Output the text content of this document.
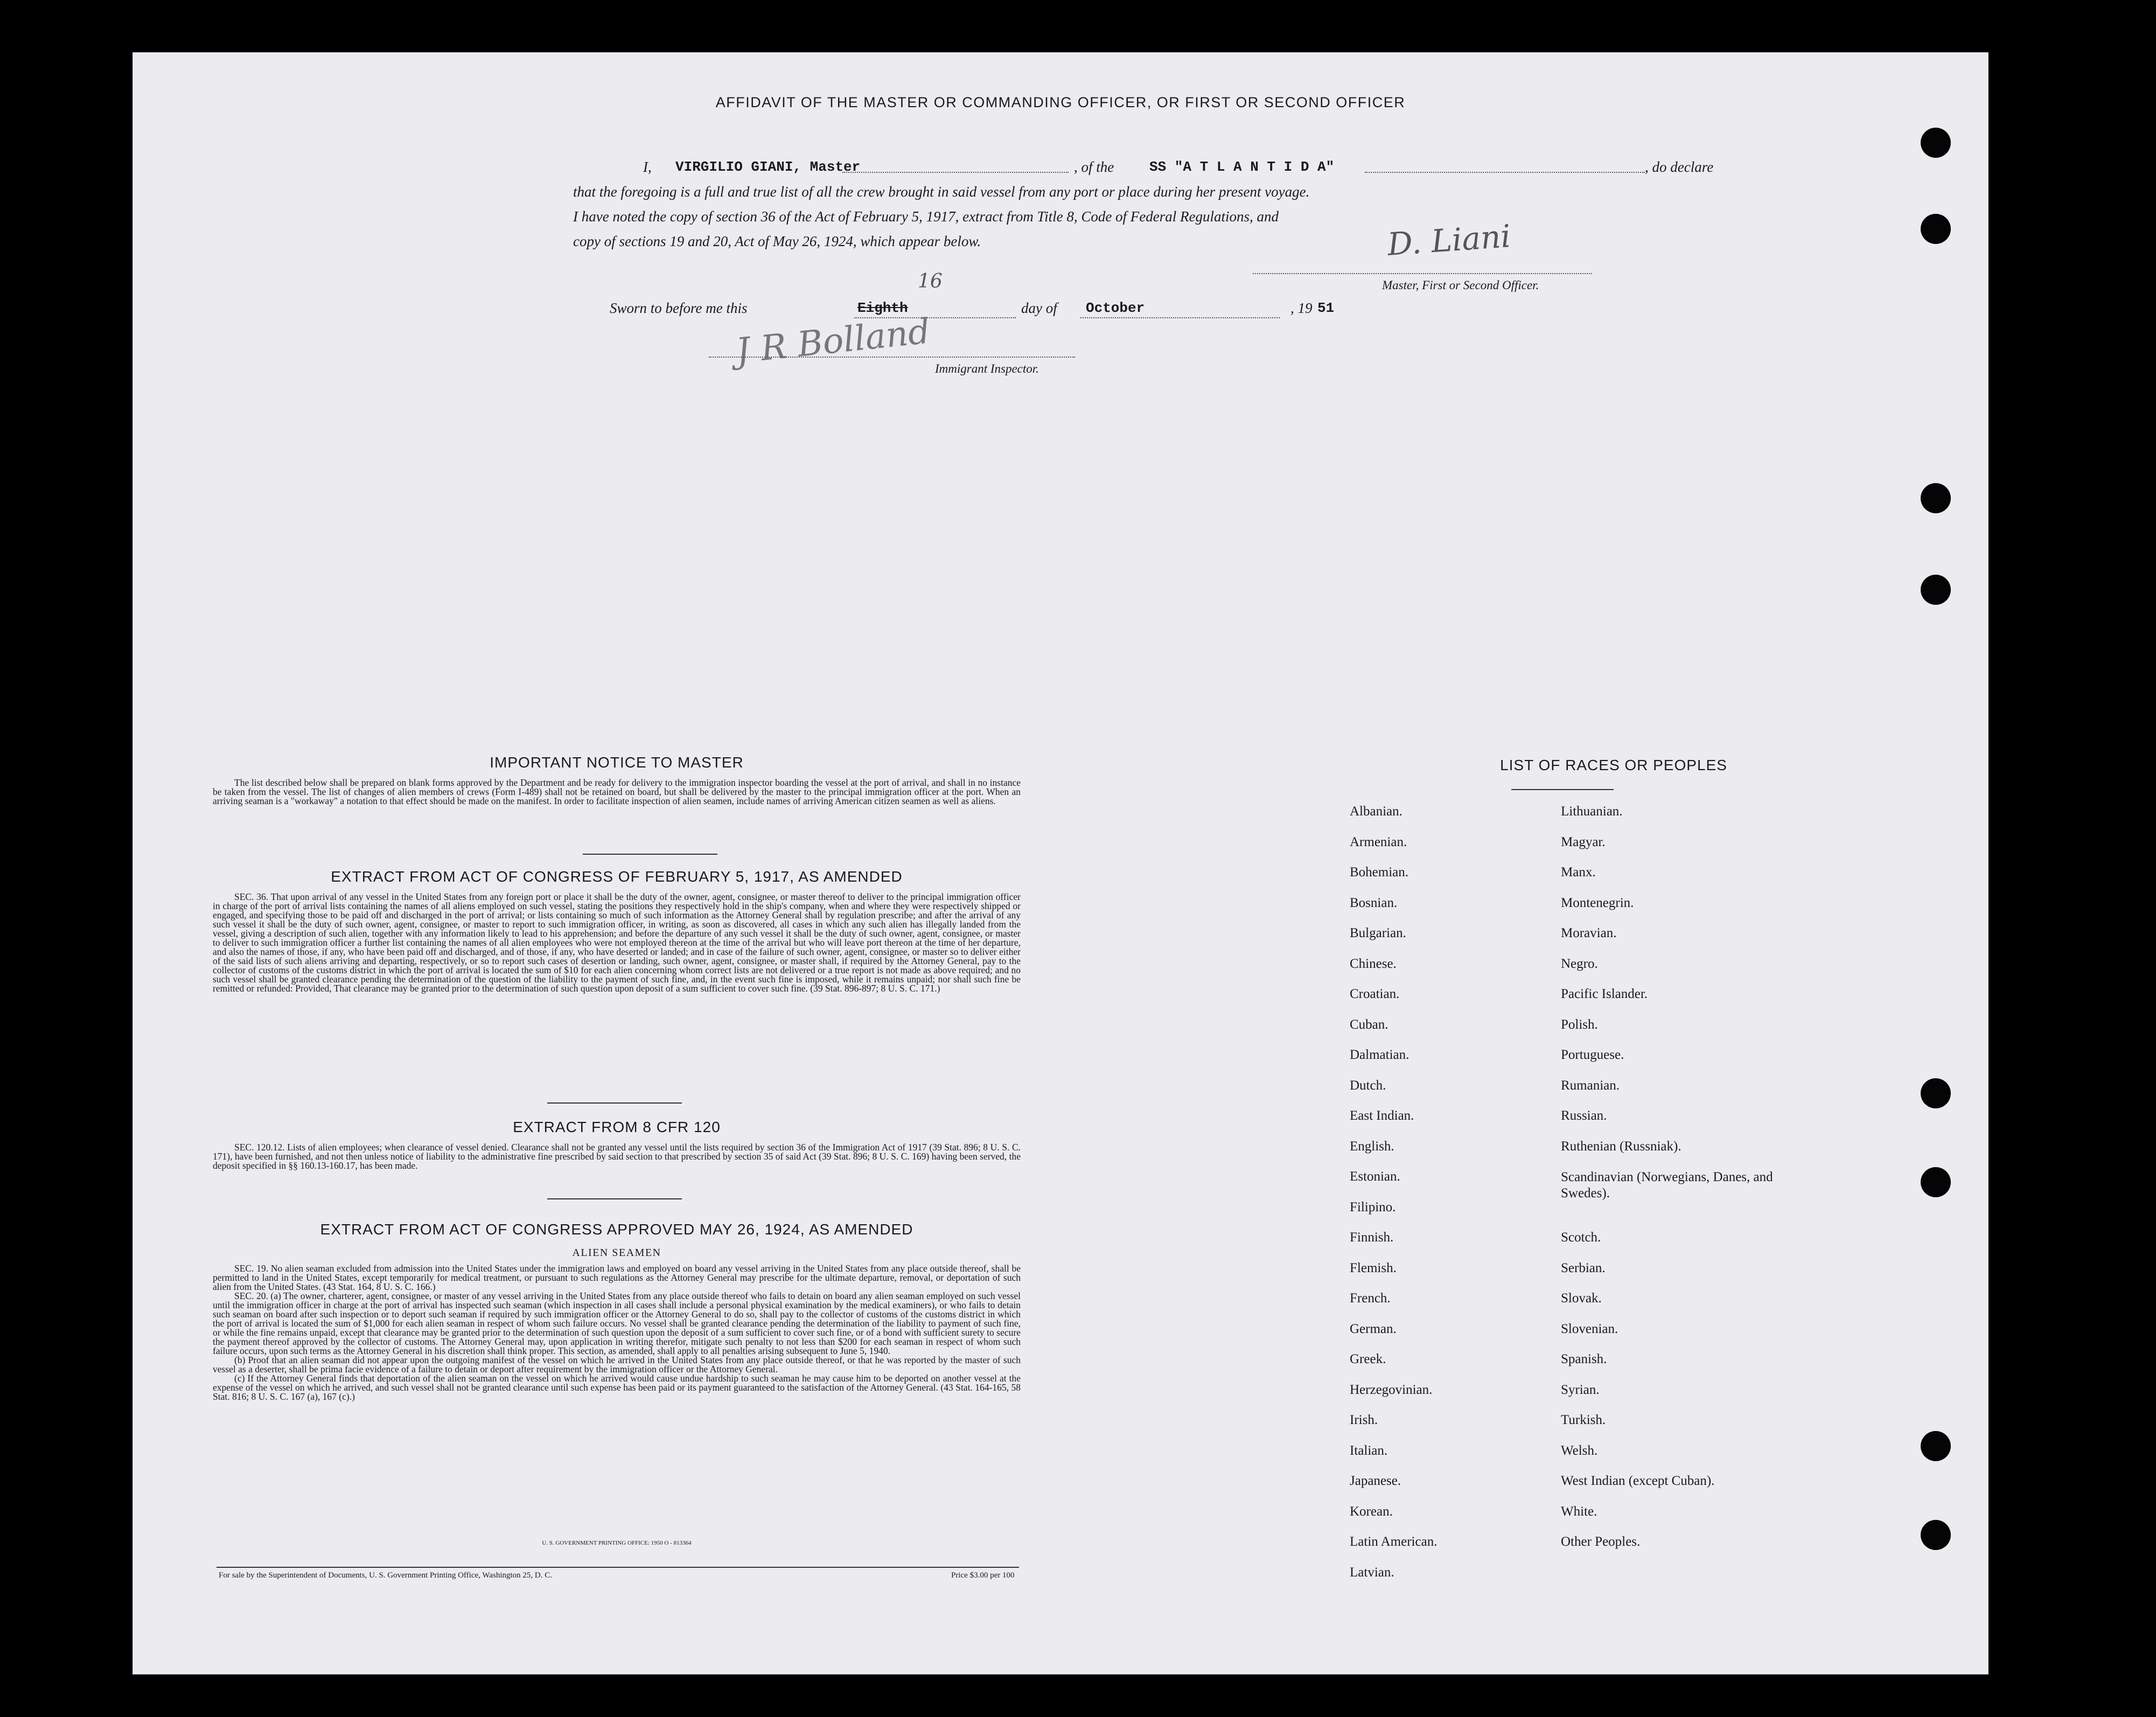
AFFIDAVIT OF THE MASTER OR COMMANDING OFFICER, OR FIRST OR SECOND OFFICER
I, VIRGILIO GIANI, Master	, of the	SS "A T L A N T I D A"	, do declare
that the foregoing is a full and true list of all the crew brought in said vessel from any port or place during her present voyage.
I have noted the copy of section 36 of the Act of February 5, 1917, extract from Title 8, Code of Federal Regulations, and
copy of sections 19 and 20, Act of May 26, 1924, which appear below.	D. Liani
Master, First or Second Officer.
Sworn to before me this	Eighth
16
day of October	, 19 51
J R Bolland Immigrant Inspector.
IMPORTANT NOTICE TO MASTER
The list described below shall be prepared on blank forms approved by the Department and be ready for delivery to the immigration inspector boarding the vessel at the port of arrival, and shall in no instance be taken from the vessel. The list of changes of alien members of crews (Form I-489) shall not be retained on board, but shall be delivered by the master to the principal immigration officer at the port. When an arriving seaman is a "workaway" a notation to that effect should be made on the manifest. In order to facilitate inspection of alien seamen, include names of arriving American citizen seamen as well as aliens.
EXTRACT FROM ACT OF CONGRESS OF FEBRUARY 5, 1917, AS AMENDED
SEC. 36. That upon arrival of any vessel in the United States from any foreign port or place it shall be the duty of the owner, agent, consignee, or master thereof to deliver to the principal immigration officer in charge of the port of arrival lists containing the names of all aliens employed on such vessel, stating the positions they respectively hold in the ship's company, when and where they were respectively shipped or engaged, and specifying those to be paid off and discharged in the port of arrival; or lists containing so much of such information as the Attorney General shall by regulation prescribe; and after the arrival of any such vessel it shall be the duty of such owner, agent, consignee, or master to report to such immigration officer, in writing, as soon as discovered, all cases in which any such alien has illegally landed from the vessel, giving a description of such alien, together with any information likely to lead to his apprehension; and before the departure of any such vessel it shall be the duty of such owner, agent, consignee, or master to deliver to such immigration officer a further list containing the names of all alien employees who were not employed thereon at the time of the arrival but who will leave port thereon at the time of her departure, and also the names of those, if any, who have been paid off and discharged, and of those, if any, who have deserted or landed; and in case of the failure of such owner, agent, consignee, or master so to deliver either of the said lists of such aliens arriving and departing, respectively, or so to report such cases of desertion or landing, such owner, agent, consignee, or master shall, if required by the Attorney General, pay to the collector of customs of the customs district in which the port of arrival is located the sum of $10 for each alien concerning whom correct lists are not delivered or a true report is not made as above required; and no such vessel shall be granted clearance pending the determination of the question of the liability to the payment of such fine, and, in the event such fine is imposed, while it remains unpaid; nor shall such fine be remitted or refunded: Provided, That clearance may be granted prior to the determination of such question upon deposit of a sum sufficient to cover such fine. (39 Stat. 896-897; 8 U. S. C. 171.)
EXTRACT FROM 8 CFR 120
SEC. 120.12. Lists of alien employees; when clearance of vessel denied. Clearance shall not be granted any vessel until the lists required by section 36 of the Immigration Act of 1917 (39 Stat. 896; 8 U. S. C. 171), have been furnished, and not then unless notice of liability to the administrative fine prescribed by said section to that prescribed by section 35 of said Act (39 Stat. 896; 8 U. S. C. 169) having been served, the deposit specified in §§ 160.13-160.17, has been made.
EXTRACT FROM ACT OF CONGRESS APPROVED MAY 26, 1924, AS AMENDED
ALIEN SEAMEN
SEC. 19. No alien seaman excluded from admission into the United States under the immigration laws and employed on board any vessel arriving in the United States from any place outside thereof, shall be permitted to land in the United States, except temporarily for medical treatment, or pursuant to such regulations as the Attorney General may prescribe for the ultimate departure, removal, or deportation of such alien from the United States. (43 Stat. 164, 8 U. S. C. 166.)
SEC. 20. (a) The owner, charterer, agent, consignee, or master of any vessel arriving in the United States from any place outside thereof who fails to detain on board any alien seaman employed on such vessel until the immigration officer in charge at the port of arrival has inspected such seaman (which inspection in all cases shall include a personal physical examination by the medical examiners), or who fails to detain such seaman on board after such inspection or to deport such seaman if required by such immigration officer or the Attorney General to do so, shall pay to the collector of customs of the customs district in which the port of arrival is located the sum of $1,000 for each alien seaman in respect of whom such failure occurs. No vessel shall be granted clearance pending the determination of the liability to payment of such fine, or while the fine remains unpaid, except that clearance may be granted prior to the determination of such question upon the deposit of a sum sufficient to cover such fine, or of a bond with sufficient surety to secure the payment thereof approved by the collector of customs. The Attorney General may, upon application in writing therefor, mitigate such penalty to not less than $200 for each seaman in respect of whom such failure occurs, upon such terms as the Attorney General in his discretion shall think proper. This section, as amended, shall apply to all penalties arising subsequent to June 5, 1940.
(b) Proof that an alien seaman did not appear upon the outgoing manifest of the vessel on which he arrived in the United States from any place outside thereof, or that he was reported by the master of such vessel as a deserter, shall be prima facie evidence of a failure to detain or deport after requirement by the immigration officer or the Attorney General.
(c) If the Attorney General finds that deportation of the alien seaman on the vessel on which he arrived would cause undue hardship to such seaman he may cause him to be deported on another vessel at the expense of the vessel on which he arrived, and such vessel shall not be granted clearance until such expense has been paid or its payment guaranteed to the satisfaction of the Attorney General. (43 Stat. 164-165, 58 Stat. 816; 8 U. S. C. 167 (a), 167 (c).)
U. S. GOVERNMENT PRINTING OFFICE: 1950 O - 813364
For sale by the Superintendent of Documents, U. S. Government Printing Office, Washington 25, D. C.	Price $3.00 per 100
LIST OF RACES OR PEOPLES
Albanian.
Armenian.
Bohemian.
Bosnian.
Bulgarian.
Chinese.
Croatian.
Cuban.
Dalmatian.
Dutch.
East Indian.
English.
Estonian.
Filipino.
Finnish.
Flemish.
French.
German.
Greek.
Herzegovinian.
Irish.
Italian.
Japanese.
Korean.
Latin American.
Latvian.
Lithuanian.
Magyar.
Manx.
Montenegrin.
Moravian.
Negro.
Pacific Islander.
Polish.
Portuguese.
Rumanian.
Russian.
Ruthenian (Russniak).
Scandinavian (Norwegians, Danes, and Swedes).
Scotch.
Serbian.
Slovak.
Slovenian.
Spanish.
Syrian.
Turkish.
Welsh.
West Indian (except Cuban).
White.
Other Peoples.
